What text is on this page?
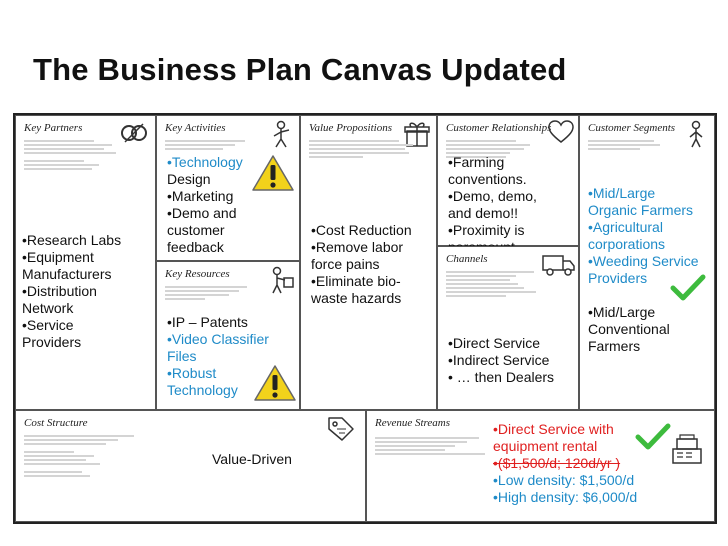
The Business Plan Canvas Updated
Key Partners
•Research Labs
•Equipment
Manufacturers
•Distribution
Network
•Service
Providers
Key Activities
•Technology
Design
•Marketing
•Demo and
customer
feedback
Key Resources
•IP – Patents
•Video Classifier
Files
•Robust
Technology
Value Propositions
•Cost Reduction
•Remove labor
force pains
•Eliminate bio-
waste hazards
Customer Relationships
•Farming
conventions.
•Demo, demo,
and demo!!
•Proximity is
Channels
•Direct Service
•Indirect Service
• … then Dealers
Customer Segments
•Mid/Large
Organic Farmers
•Agricultural
corporations
•Weeding Service
Providers
•Mid/Large
Conventional
Farmers
Cost Structure
Value-Driven
Revenue Streams	•Direct Service with
equipment rental
•($1,500/d; 120d/yr )
•Low density: $1,500/d
•High density: $6,000/d
